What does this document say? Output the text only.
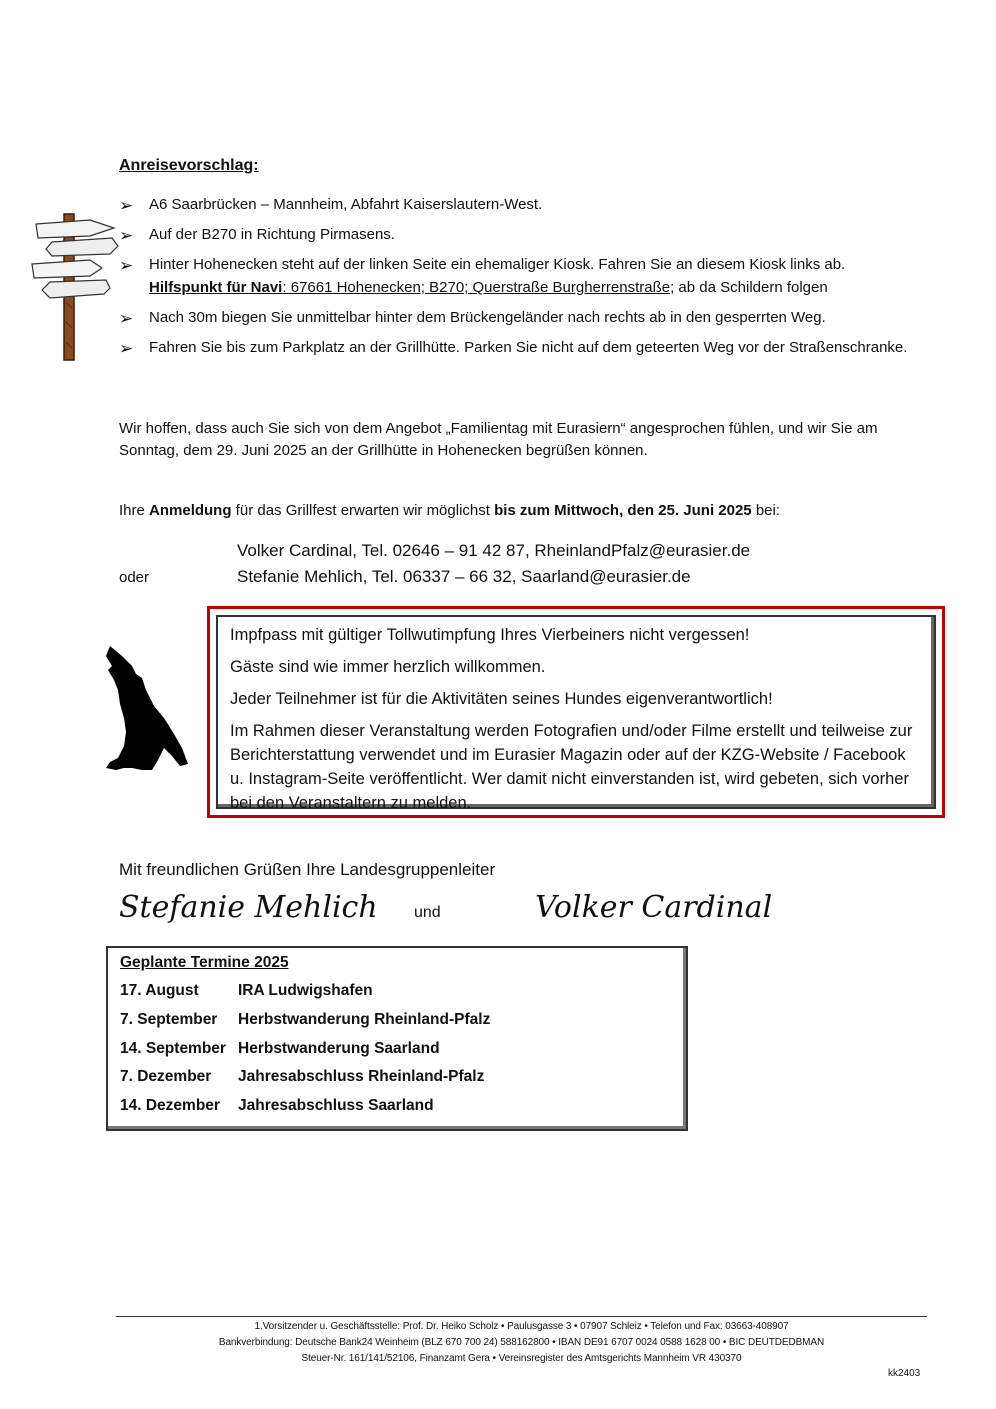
Anreisevorschlag:
➢ A6 Saarbrücken – Mannheim, Abfahrt Kaiserslautern-West.
➢ Auf der B270 in Richtung Pirmasens.
➢ Hinter Hohenecken steht auf der linken Seite ein ehemaliger Kiosk. Fahren Sie an diesem Kiosk links ab.
Hilfspunkt für Navi: 67661 Hohenecken; B270; Querstraße Burgherrenstraße; ab da Schildern folgen
➢ Nach 30m biegen Sie unmittelbar hinter dem Brückengeländer nach rechts ab in den gesperrten Weg.
➢ Fahren Sie bis zum Parkplatz an der Grillhütte. Parken Sie nicht auf dem geteerten Weg vor der Straßenschranke.
Wir hoffen, dass auch Sie sich von dem Angebot „Familientag mit Eurasiern“ angesprochen fühlen, und wir Sie am Sonntag, dem 29. Juni 2025 an der Grillhütte in Hohenecken begrüßen können.
Ihre Anmeldung für das Grillfest erwarten wir möglichst bis zum Mittwoch, den 25. Juni 2025 bei:
Volker Cardinal, Tel. 02646 – 91 42 87, RheinlandPfalz@eurasier.de
oder	Stefanie Mehlich, Tel. 06337 – 66 32, Saarland@eurasier.de

Impfpass mit gültiger Tollwutimpfung Ihres Vierbeiners nicht vergessen!

Gäste sind wie immer herzlich willkommen.

Jeder Teilnehmer ist für die Aktivitäten seines Hundes eigenverantwortlich!

Im Rahmen dieser Veranstaltung werden Fotografien und/oder Filme erstellt und teilweise zur Berichterstattung verwendet und im Eurasier Magazin oder auf der KZG-Website / Facebook u. Instagram-Seite veröffentlicht. Wer damit nicht einverstanden ist, wird gebeten, sich vorher bei den Veranstaltern zu melden.

Mit freundlichen Grüßen Ihre Landesgruppenleiter
Stefanie Mehlich und	Volker Cardinal
Geplante Termine 2025
17. August	IRA Ludwigshafen
7. September Herbstwanderung Rheinland-Pfalz
14. September Herbstwanderung Saarland
7. Dezember Jahresabschluss Rheinland-Pfalz
14. Dezember Jahresabschluss Saarland
1.Vorsitzender u. Geschäftsstelle: Prof. Dr. Heiko Scholz • Paulusgasse 3 • 07907 Schleiz • Telefon und Fax: 03663-408907
Bankverbindung: Deutsche Bank24 Weinheim (BLZ 670 700 24) 588162800 • IBAN DE91 6707 0024 0588 1628 00 • BIC DEUTDEDBMAN
Steuer-Nr. 161/141/52106, Finanzamt Gera • Vereinsregister des Amtsgerichts Mannheim VR 430370
kk2403
